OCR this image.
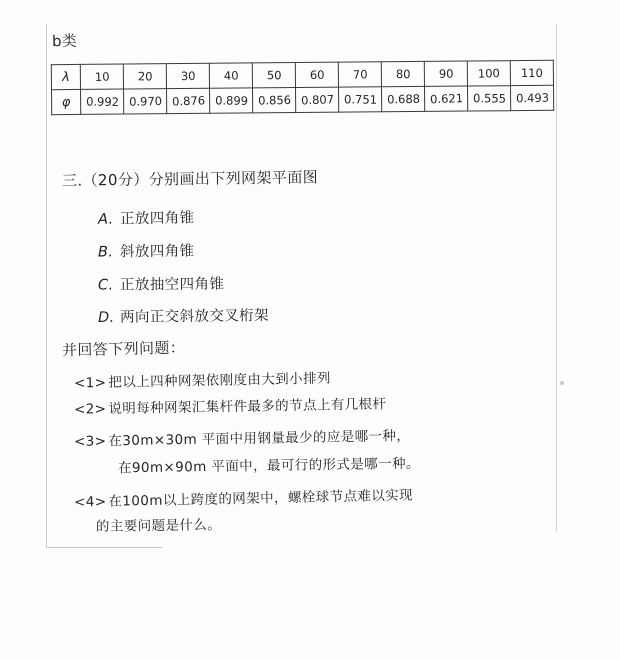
b类
λ	10	20	30	40	50	60	70	80	90	100	110
φ	0.992	0.970	0.876	0.899	0.856	0.807	0.751	0.688	0.621	0.555	0.493
三.（20分）分别画出下列网架平面图
A. 正放四角锥
B. 斜放四角锥
C. 正放抽空四角锥
D. 两向正交斜放交叉桁架
并回答下列问题：
<1> 把以上四种网架依刚度由大到小排列
<2> 说明每种网架汇集杆件最多的节点上有几根杆
<3> 在30m×30m 平面中用钢量最少的应是哪一种，
在90m×90m 平面中，最可行的形式是哪一种。
<4> 在100m以上跨度的网架中，螺栓球节点难以实现
的主要问题是什么。
